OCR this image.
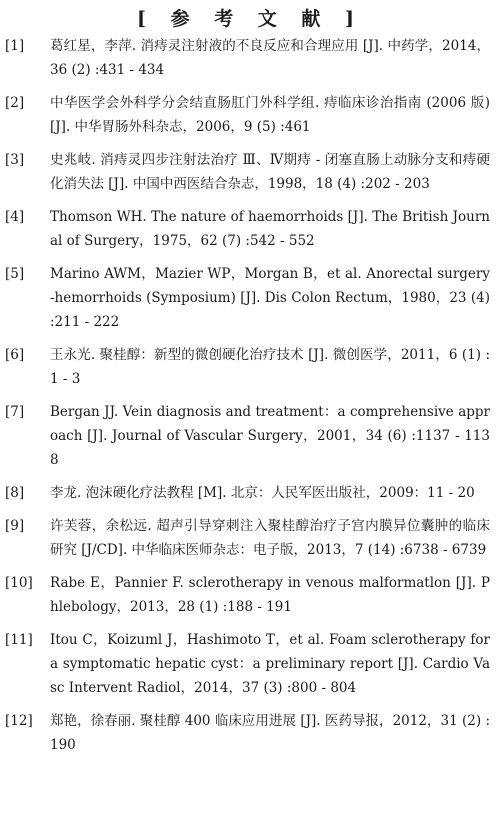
[ 参 考 文 献 ]
[1] 葛红星，李萍. 消痔灵注射液的不良反应和合理应用 [J]. 中药学，2014，36 (2) :431 - 434
[2] 中华医学会外科学分会结直肠肛门外科学组. 痔临床诊治指南 (2006 版) [J]. 中华胃肠外科杂志，2006，9 (5) :461
[3] 史兆岐. 消痔灵四步注射法治疗 Ⅲ、Ⅳ期痔 - 闭塞直肠上动脉分支和痔硬化消失法 [J]. 中国中西医结合杂志，1998，18 (4) :202 - 203
[4] Thomson WH. The nature of haemorrhoids [J]. The British Journal of Surgery，1975，62 (7) :542 - 552
[5] Marino AWM，Mazier WP，Morgan B，et al. Anorectal surgery-hemorrhoids (Symposium) [J]. Dis Colon Rectum，1980，23 (4) :211 - 222
[6] 王永光. 聚桂醇：新型的微创硬化治疗技术 [J]. 微创医学，2011，6 (1) :1 - 3
[7] Bergan JJ. Vein diagnosis and treatment：a comprehensive approach [J]. Journal of Vascular Surgery，2001，34 (6) :1137 - 1138
[8] 李龙. 泡沫硬化疗法教程 [M]. 北京：人民军医出版社，2009：11 - 20
[9] 许芙蓉，余松远. 超声引导穿刺注入聚桂醇治疗子宫内膜异位囊肿的临床研究 [J/CD]. 中华临床医师杂志：电子版，2013，7 (14) :6738 - 6739
[10] Rabe E，Pannier F. sclerotherapy in venous malformatlon [J]. Phlebology，2013，28 (1) :188 - 191
[11] Itou C，Koizuml J，Hashimoto T，et al. Foam sclerotherapy for a symptomatic hepatic cyst：a preliminary report [J]. Cardio Vasc Intervent Radiol，2014，37 (3) :800 - 804
[12] 郑艳，徐春丽. 聚桂醇 400 临床应用进展 [J]. 医药导报，2012，31 (2) :190
